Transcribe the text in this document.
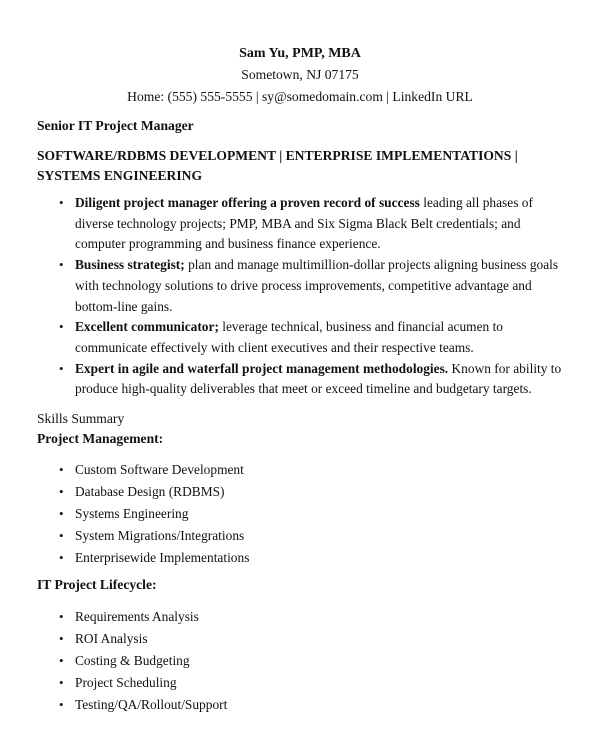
Sam Yu, PMP, MBA
Sometown, NJ 07175
Home: (555) 555-5555 | sy@somedomain.com | LinkedIn URL
Senior IT Project Manager
SOFTWARE/RDBMS DEVELOPMENT | ENTERPRISE IMPLEMENTATIONS | SYSTEMS ENGINEERING
• Diligent project manager offering a proven record of success leading all phases of diverse technology projects; PMP, MBA and Six Sigma Black Belt credentials; and computer programming and business finance experience.
• Business strategist; plan and manage multimillion-dollar projects aligning business goals with technology solutions to drive process improvements, competitive advantage and bottom-line gains.
• Excellent communicator; leverage technical, business and financial acumen to communicate effectively with client executives and their respective teams.
• Expert in agile and waterfall project management methodologies. Known for ability to produce high-quality deliverables that meet or exceed timeline and budgetary targets.
Skills Summary
Project Management:
• Custom Software Development
• Database Design (RDBMS)
• Systems Engineering
• System Migrations/Integrations
• Enterprisewide Implementations
IT Project Lifecycle:
• Requirements Analysis
• ROI Analysis
• Costing & Budgeting
• Project Scheduling
• Testing/QA/Rollout/Support
